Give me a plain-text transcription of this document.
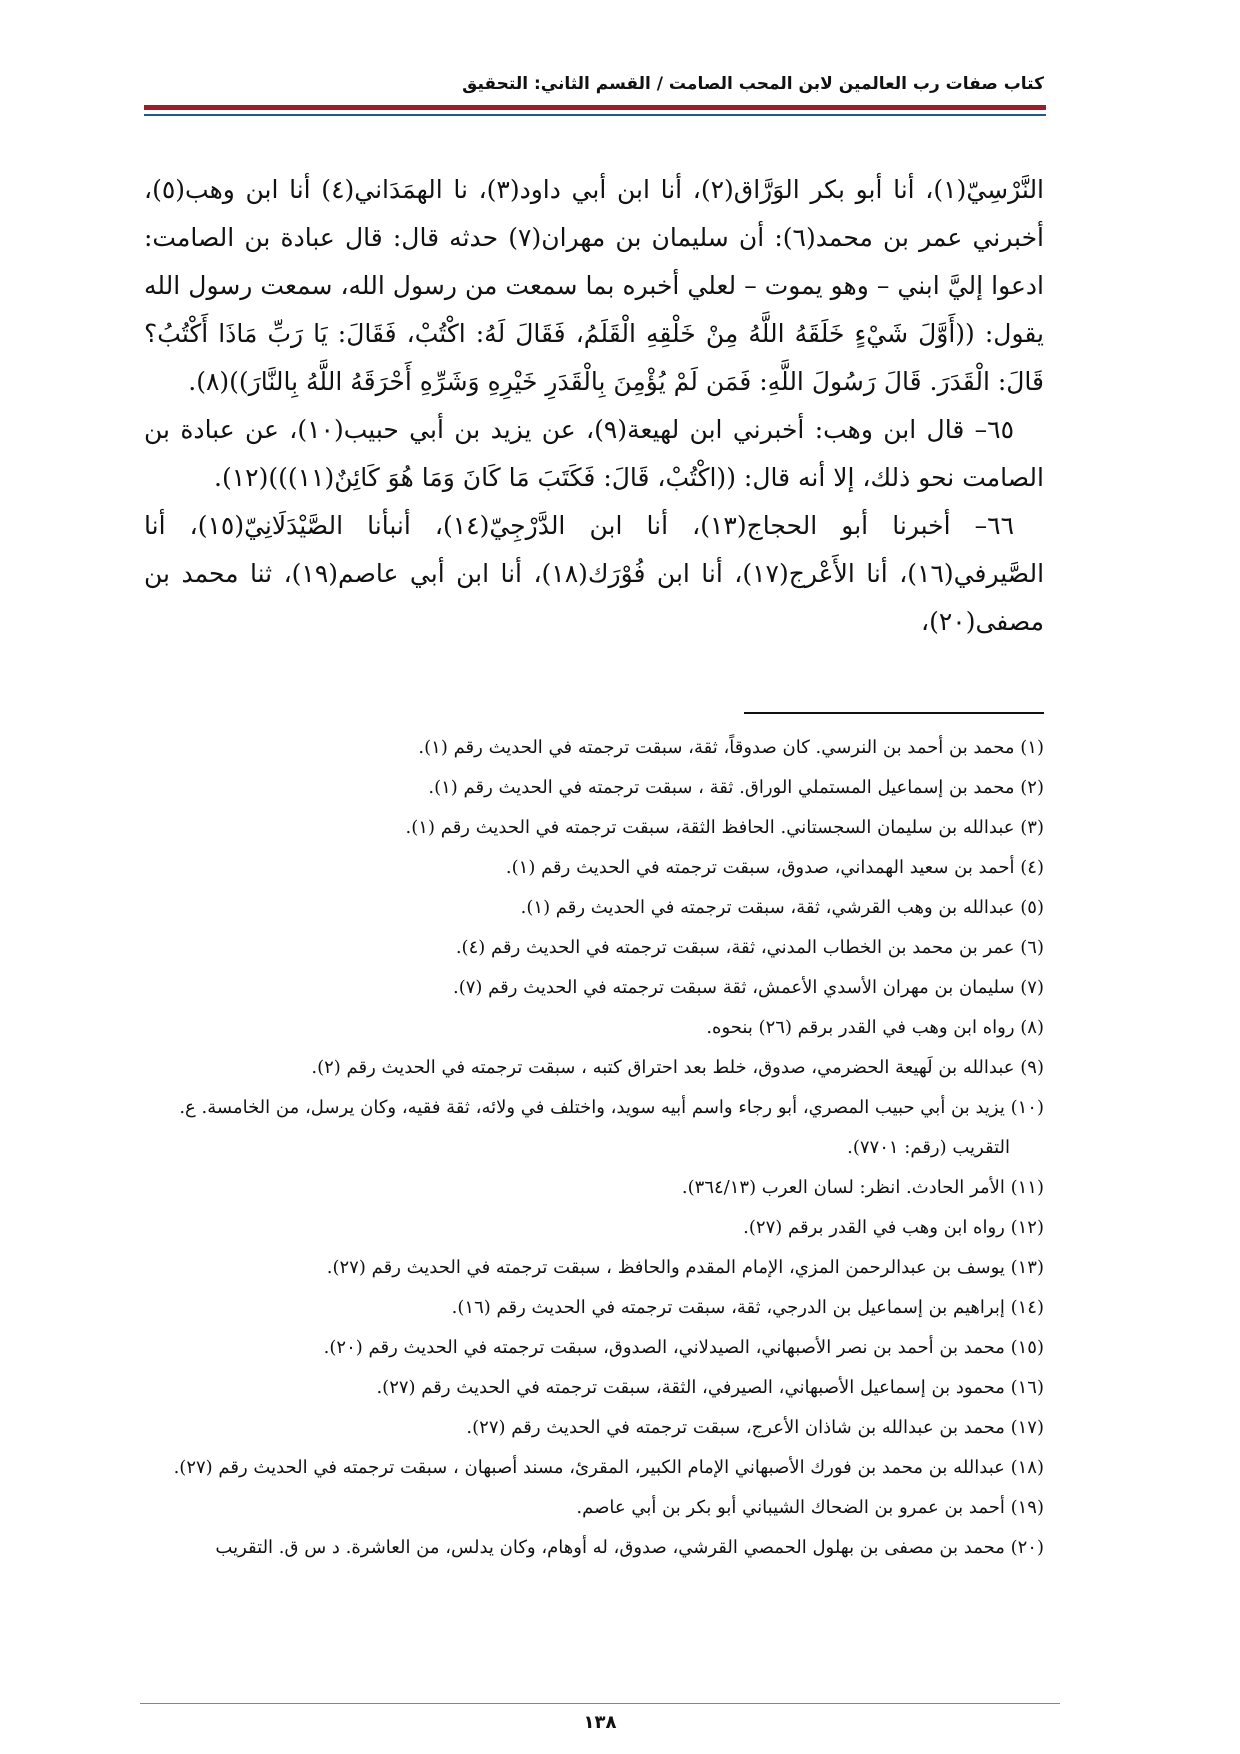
كتاب صفات رب العالمين لابن المحب الصامت / القسم الثاني: التحقيق

النَّرْسِيّ(١)، أنا أبو بكر الوَرَّاق(٢)، أنا ابن أبي داود(٣)، نا الهمَدَاني(٤) أنا ابن وهب(٥)، أخبرني عمر بن محمد(٦): أن سليمان بن مهران(٧) حدثه قال: قال عبادة بن الصامت: ادعوا إليَّ ابني – وهو يموت – لعلي أخبره بما سمعت من رسول الله، سمعت رسول الله يقول: ((أَوَّلَ شَيْءٍ خَلَقَهُ اللَّهُ مِنْ خَلْقِهِ الْقَلَمُ، فَقَالَ لَهُ: اكْتُبْ، فَقَالَ: يَا رَبِّ مَاذَا أَكْتُبُ؟ قَالَ: الْقَدَرَ. قَالَ رَسُولَ اللَّهِ: فَمَن لَمْ يُؤْمِنَ بِالْقَدَرِ خَيْرِهِ وَشَرِّهِ أَحْرَقَهُ اللَّهُ بِالنَّارَ))(٨).

٦٥– قال ابن وهب: أخبرني ابن لهيعة(٩)، عن يزيد بن أبي حبيب(١٠)، عن عبادة بن الصامت نحو ذلك، إلا أنه قال: ((اكْتُبْ، قَالَ: فَكَتَبَ مَا كَانَ وَمَا هُوَ كَائِنٌ(١١)))(١٢).

٦٦– أخبرنا أبو الحجاج(١٣)، أنا ابن الدَّرْجِيّ(١٤)، أنبأنا الصَّيْدَلَانِيّ(١٥)، أنا الصَّيرفي(١٦)، أنا الأَعْرج(١٧)، أنا ابن فُوْرَك(١٨)، أنا ابن أبي عاصم(١٩)، ثنا محمد بن مصفى(٢٠)،

(١) محمد بن أحمد بن النرسي. كان صدوقاً، ثقة، سبقت ترجمته في الحديث رقم (١).

(٢) محمد بن إسماعيل المستملي الوراق. ثقة ، سبقت ترجمته في الحديث رقم (١).

(٣) عبدالله بن سليمان السجستاني. الحافظ الثقة، سبقت ترجمته في الحديث رقم (١).

(٤) أحمد بن سعيد الهمداني، صدوق، سبقت ترجمته في الحديث رقم (١).

(٥) عبدالله بن وهب القرشي، ثقة، سبقت ترجمته في الحديث رقم (١).

(٦) عمر بن محمد بن الخطاب المدني، ثقة، سبقت ترجمته في الحديث رقم (٤).

(٧) سليمان بن مهران الأسدي الأعمش، ثقة سبقت ترجمته في الحديث رقم (٧).

(٨) رواه ابن وهب في القدر برقم (٢٦) بنحوه.

(٩) عبدالله بن لَهيعة الحضرمي، صدوق، خلط بعد احتراق كتبه ، سبقت ترجمته في الحديث رقم (٢).

(١٠) يزيد بن أبي حبيب المصري، أبو رجاء واسم أبيه سويد، واختلف في ولائه، ثقة فقيه، وكان يرسل، من الخامسة. ع.

التقريب (رقم: ٧٧٠١).

(١١) الأمر الحادث. انظر: لسان العرب (٣٦٤/١٣).

(١٢) رواه ابن وهب في القدر برقم (٢٧).

(١٣) يوسف بن عبدالرحمن المزي، الإمام المقدم والحافظ ، سبقت ترجمته في الحديث رقم (٢٧).

(١٤) إبراهيم بن إسماعيل بن الدرجي، ثقة، سبقت ترجمته في الحديث رقم (١٦).

(١٥) محمد بن أحمد بن نصر الأصبهاني، الصيدلاني، الصدوق، سبقت ترجمته في الحديث رقم (٢٠).

(١٦) محمود بن إسماعيل الأصبهاني، الصيرفي، الثقة، سبقت ترجمته في الحديث رقم (٢٧).

(١٧) محمد بن عبدالله بن شاذان الأعرج، سبقت ترجمته في الحديث رقم (٢٧).

(١٨) عبدالله بن محمد بن فورك الأصبهاني الإمام الكبير، المقرئ، مسند أصبهان ، سبقت ترجمته في الحديث رقم (٢٧).

(١٩) أحمد بن عمرو بن الضحاك الشيباني أبو بكر بن أبي عاصم.

(٢٠) محمد بن مصفى بن بهلول الحمصي القرشي، صدوق، له أوهام، وكان يدلس، من العاشرة. د س ق. التقريب

١٣٨
